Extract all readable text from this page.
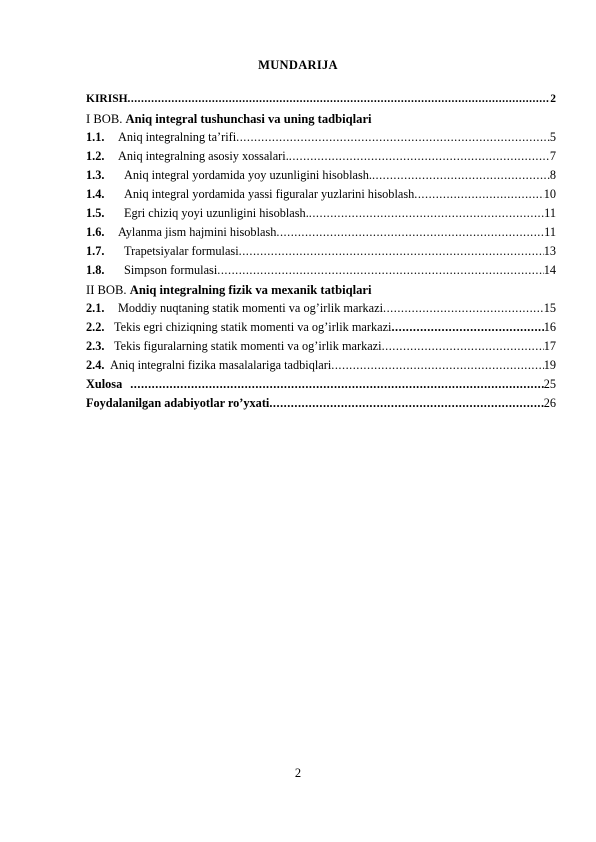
MUNDARIJA
KIRISH .....	2
I BOB. Aniq integral tushunchasi va uning tadbiqlari
1.1.	Aniq integralning ta’rifi .....	5
1.2.	Aniq integralning asosiy xossalari. .....	7
1.3.	Aniq integral yordamida yoy uzunligini hisoblash. .....	8
1.4.	Aniq integral yordamida yassi figuralar yuzlarini hisoblash .....	10
1.5.	Egri chiziq yoyi uzunligini hisoblash. .....	11
1.6.	Aylanma jism hajmini hisoblash .....	11
1.7.	Trapetsiyalar formulasi .....	13
1.8.	Simpson formulasi .....	14
II BOB. Aniq integralning fizik va mexanik tatbiqlari
2.1.	Moddiy nuqtaning statik momenti va og’irlik markazi .....	15
2.2. Tekis egri chiziqning statik momenti va og’irlik markazi .....	16
2.3. Tekis figuralarning statik momenti va og’irlik markazi .....	17
2.4. Aniq integralni fizika masalalariga tadbiqlari .....	19
Xulosa .....	25
Foydalanilgan adabiyotlar ro’yxati .....	26
2
